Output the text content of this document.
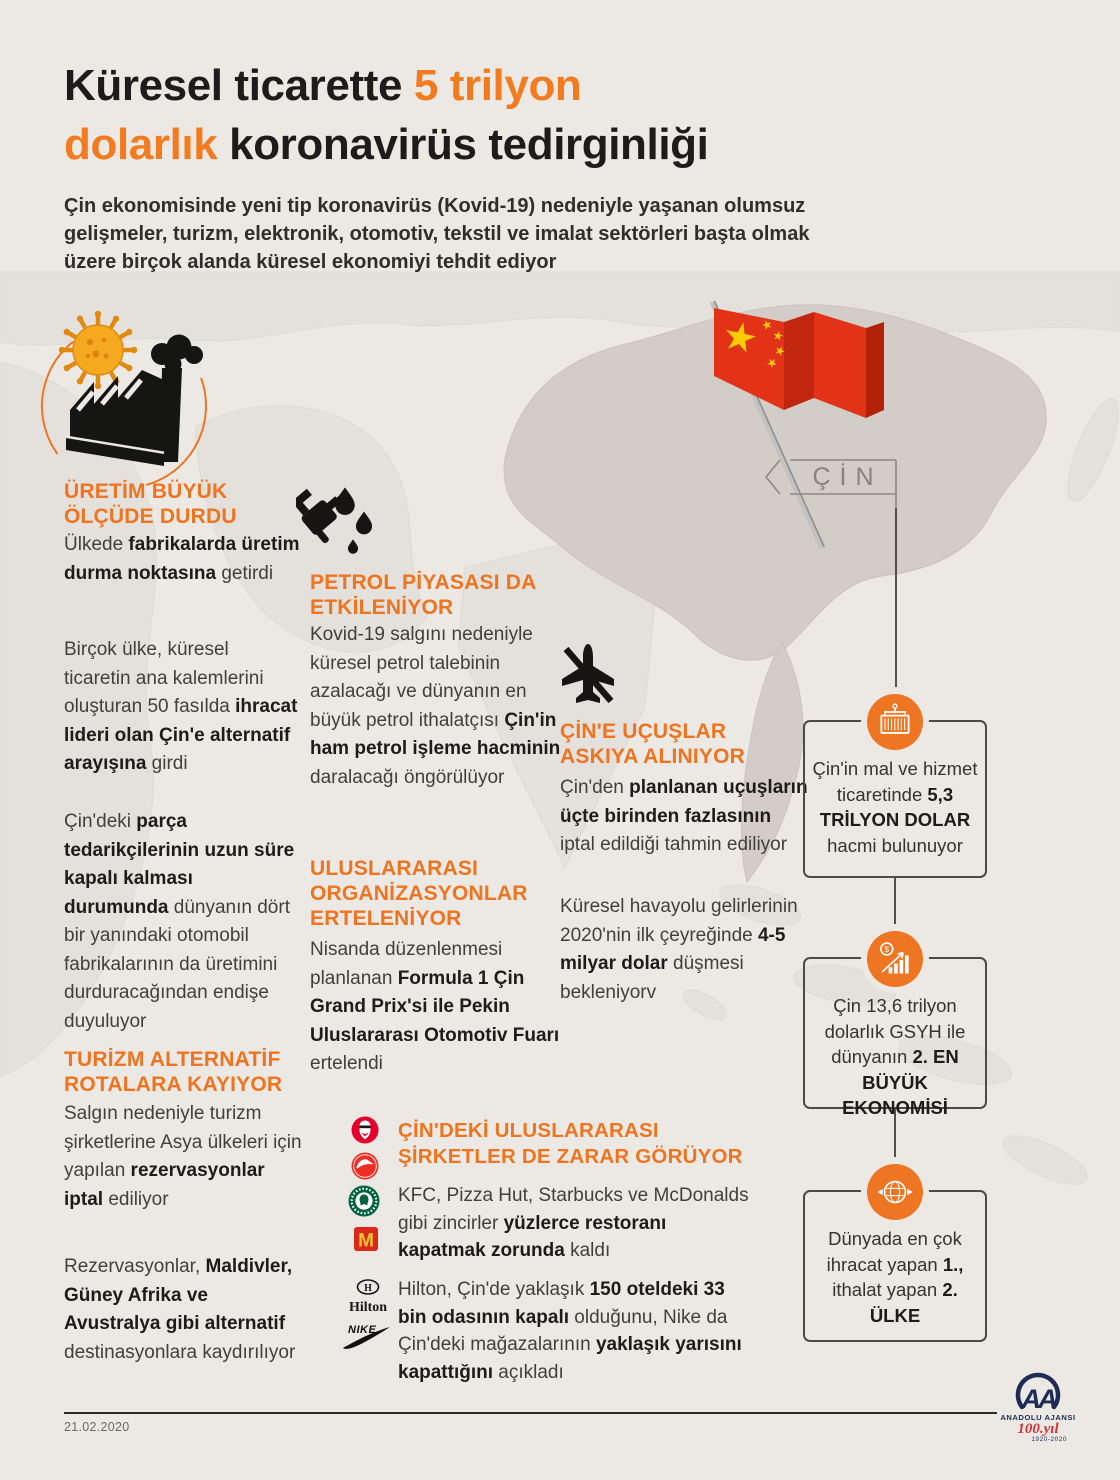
Küresel ticarette 5 trilyon
dolarlık koronavirüs tedirginliği
Çin ekonomisinde yeni tip koronavirüs (Kovid-19) nedeniyle yaşanan olumsuz gelişmeler, turizm, elektronik, otomotiv, tekstil ve imalat sektörleri başta olmak üzere birçok alanda küresel ekonomiyi tehdit ediyor
ÜRETİM BÜYÜK ÖLÇÜDE DURDU
Ülkede fabrikalarda üretim durma noktasına getirdi
Birçok ülke, küresel ticaretin ana kalemlerini oluşturan 50 fasılda ihracat lideri olan Çin'e alternatif arayışına girdi
Çin'deki parça tedarikçilerinin uzun süre kapalı kalması durumunda dünyanın dört bir yanındaki otomobil fabrikalarının da üretimini durduracağından endişe duyuluyor
TURİZM ALTERNATİF ROTALARA KAYIYOR
Salgın nedeniyle turizm şirketlerine Asya ülkeleri için yapılan rezervasyonlar iptal ediliyor
Rezervasyonlar, Maldivler, Güney Afrika ve Avustralya gibi alternatif destinasyonlara kaydırılıyor
PETROL PİYASASI DA ETKİLENİYOR
Kovid-19 salgını nedeniyle küresel petrol talebinin azalacağı ve dünyanın en büyük petrol ithalatçısı Çin'in ham petrol işleme hacminin daralacağı öngörülüyor
ULUSLARARASI ORGANİZASYONLAR ERTELENİYOR
Nisanda düzenlenmesi planlanan Formula 1 Çin Grand Prix'si ile Pekin Uluslararası Otomotiv Fuarı ertelendi
ÇİN'E UÇUŞLAR ASKIYA ALINIYOR
Çin'den planlanan uçuşların üçte birinden fazlasının iptal edildiği tahmin ediliyor
Küresel havayolu gelirlerinin 2020'nin ilk çeyreğinde 4-5 milyar dolar düşmesi bekleniyorv
ÇİN'DEKİ ULUSLARARASI ŞİRKETLER DE ZARAR GÖRÜYOR
KFC, Pizza Hut, Starbucks ve McDonalds gibi zincirler yüzlerce restoranı kapatmak zorunda kaldı
Hilton, Çin'de yaklaşık 150 oteldeki 33 bin odasının kapalı olduğunu, Nike da Çin'deki mağazalarının yaklaşık yarısını kapattığını açıkladı
M
H
Hilton
NIKE
ÇİN
Çin'in mal ve hizmet ticaretinde 5,3 TRİLYON DOLAR hacmi bulunuyor
$
Çin 13,6 trilyon dolarlık GSYH ile dünyanın 2. EN BÜYÜK EKONOMİSİ
Dünyada en çok ihracat yapan 1., ithalat yapan 2. ÜLKE
21.02.2020
AA
ANADOLU AJANSI
100.yıl
1920-2020
